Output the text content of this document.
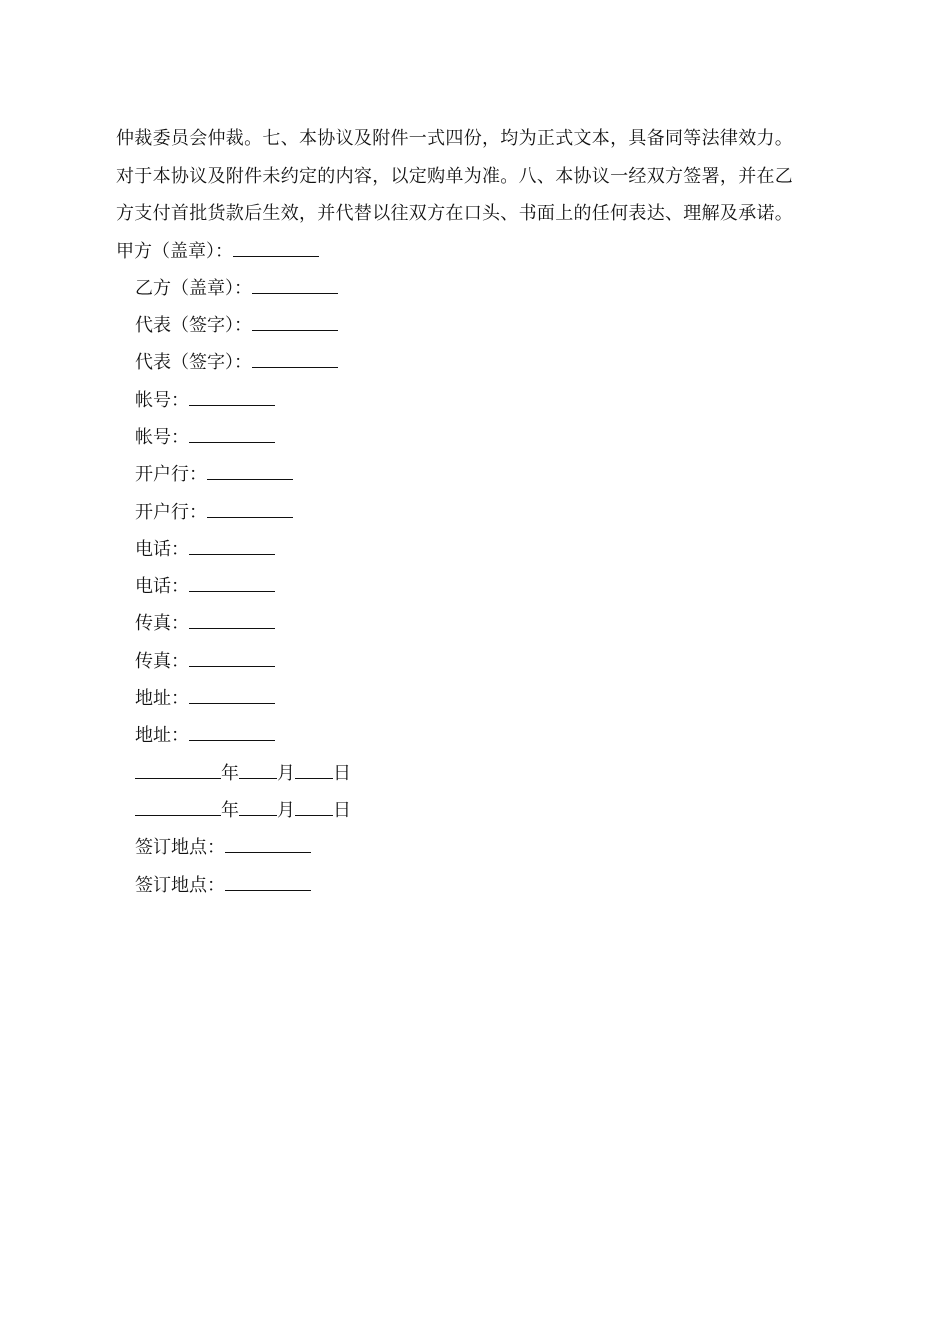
仲裁委员会仲裁。七、本协议及附件一式四份，均为正式文本，具备同等法律效力。
对于本协议及附件未约定的内容，以定购单为准。八、本协议一经双方签署，并在乙
方支付首批货款后生效，并代替以往双方在口头、书面上的任何表达、理解及承诺。
甲方（盖章）：
乙方（盖章）：
代表（签字）：
代表（签字）：
帐号：
帐号：
开户行：
开户行：
电话：
电话：
传真：
传真：
地址：
地址：
年 月 日
年 月 日
签订地点：
签订地点：
